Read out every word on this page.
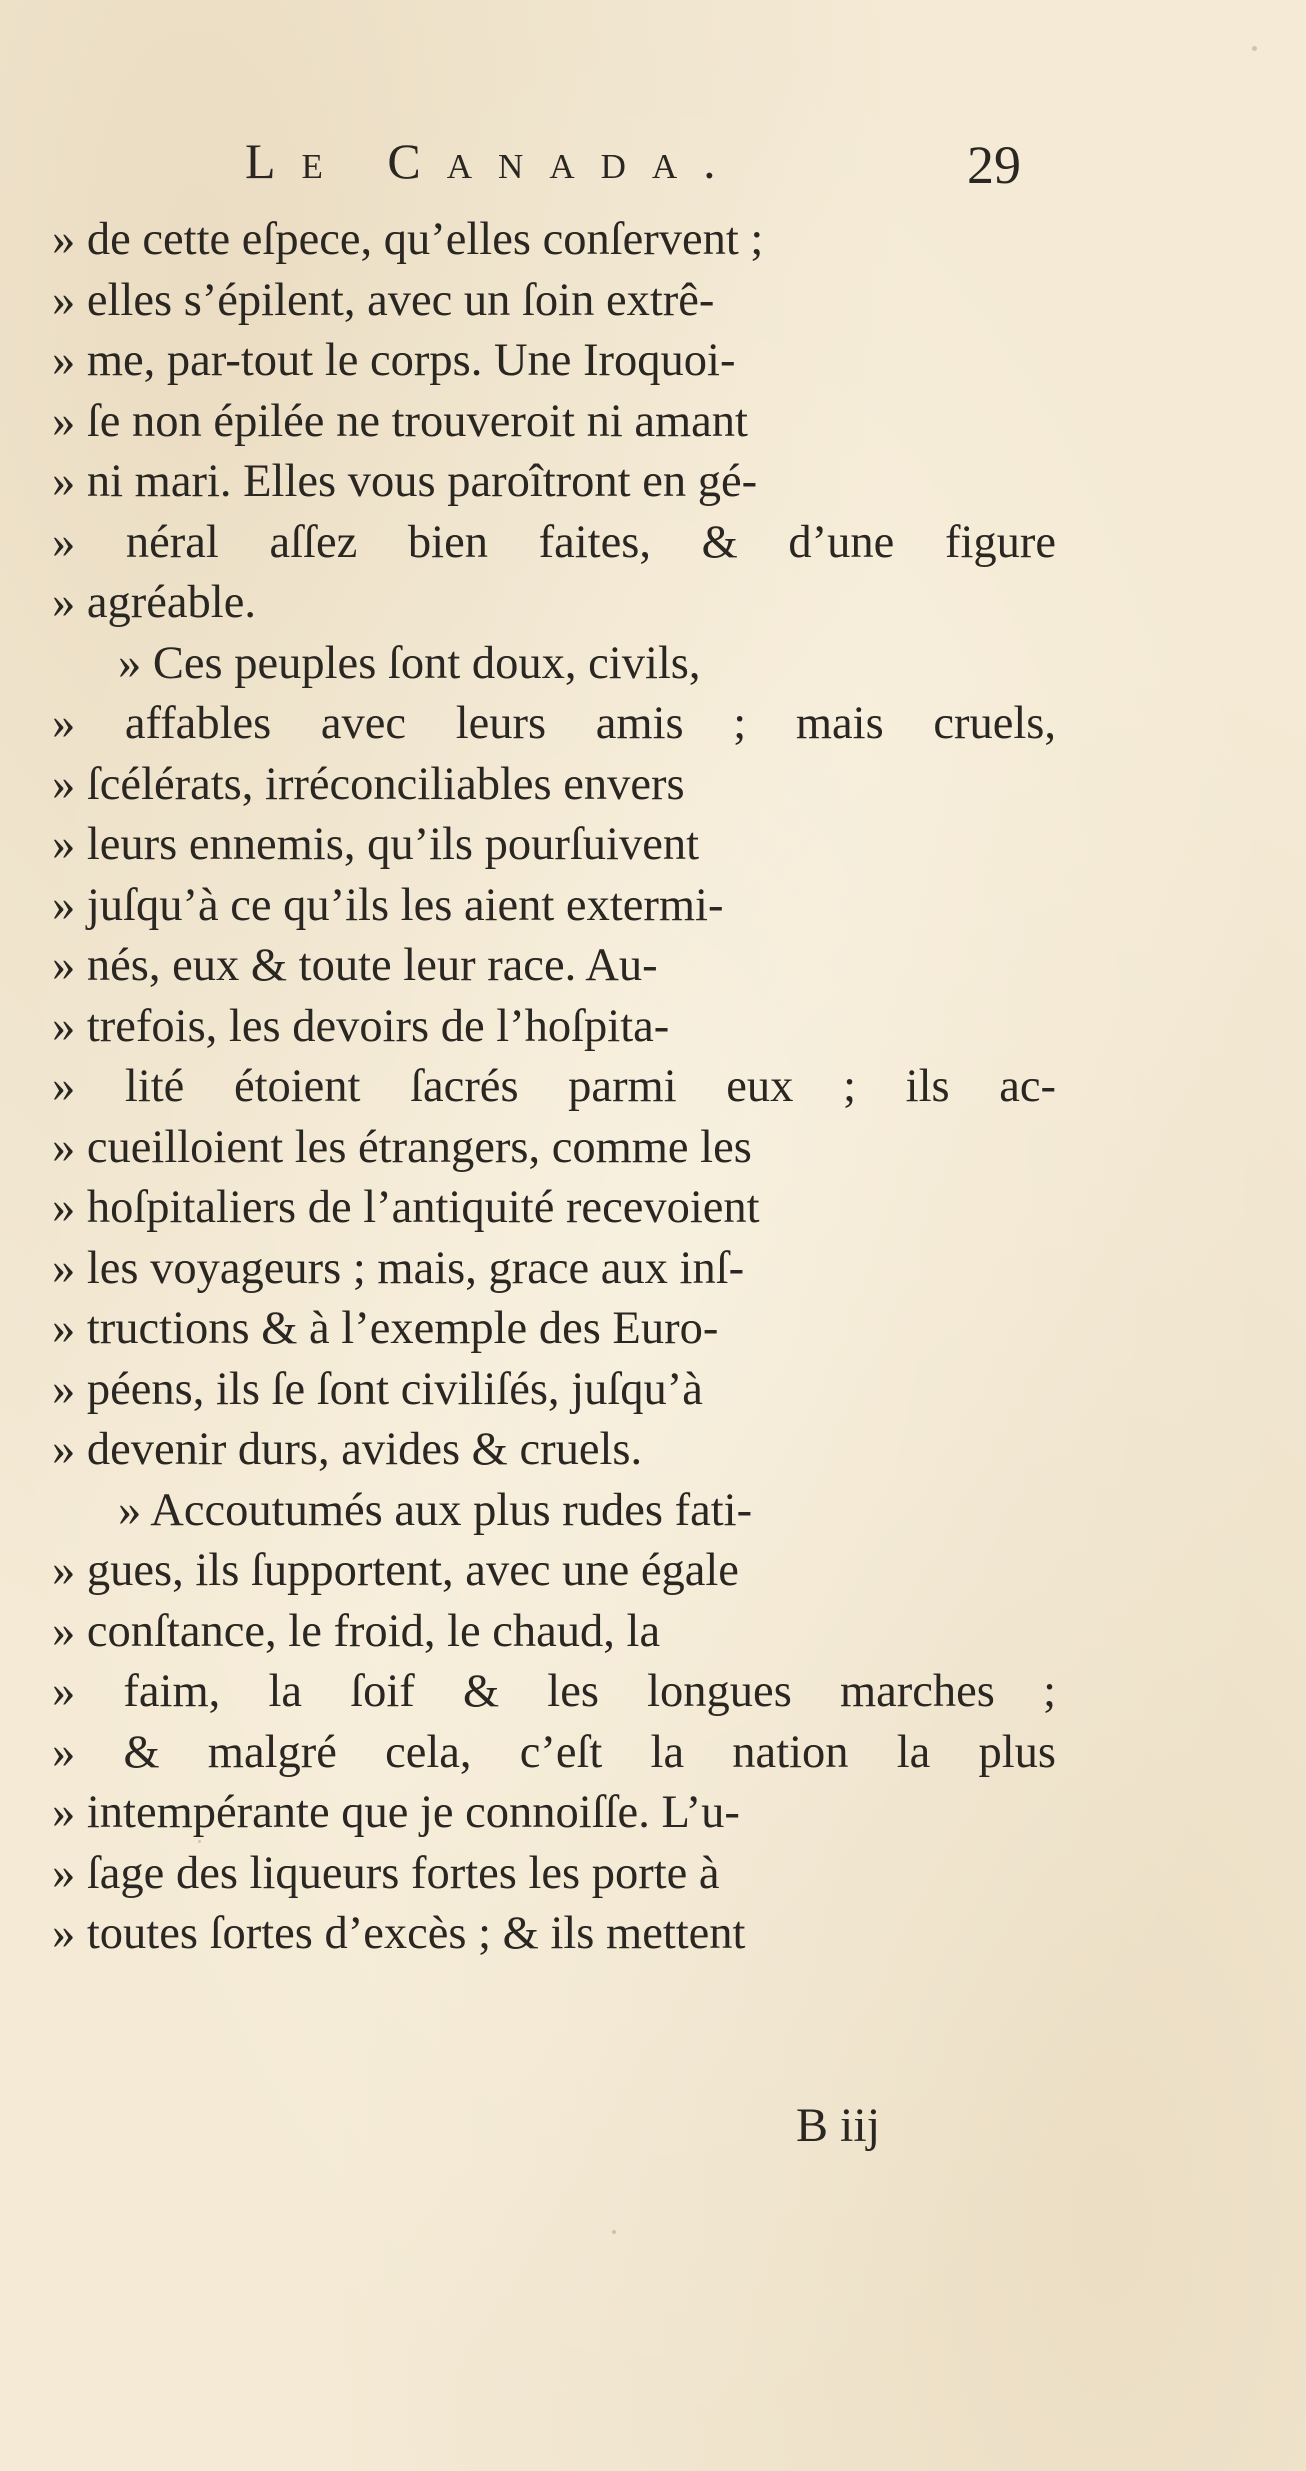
Le Canada.	29
» de cette eſpece, qu’elles conſervent ;
» elles s’épilent, avec un ſoin extrê-
» me, par-tout le corps. Une Iroquoi-
» ſe non épilée ne trouveroit ni amant
» ni mari. Elles vous paroîtront en gé-
» néral aſſez bien faites, & d’une figure
» agréable.
» Ces peuples ſont doux, civils,
» affables avec leurs amis ; mais cruels,
» ſcélérats, irréconciliables envers
» leurs ennemis, qu’ils pourſuivent
» juſqu’à ce qu’ils les aient extermi-
» nés, eux & toute leur race. Au-
» trefois, les devoirs de l’hoſpita-
» lité étoient ſacrés parmi eux ; ils ac-
» cueilloient les étrangers, comme les
» hoſpitaliers de l’antiquité recevoient
» les voyageurs ; mais, grace aux inſ-
» tructions & à l’exemple des Euro-
» péens, ils ſe ſont civiliſés, juſqu’à
» devenir durs, avides & cruels.
» Accoutumés aux plus rudes fati-
» gues, ils ſupportent, avec une égale
» conſtance, le froid, le chaud, la
» faim, la ſoif & les longues marches ;
» & malgré cela, c’eſt la nation la plus
» intempérante que je connoiſſe. L’u-
» ſage des liqueurs fortes les porte à
» toutes ſortes d’excès ; & ils mettent
B iij
